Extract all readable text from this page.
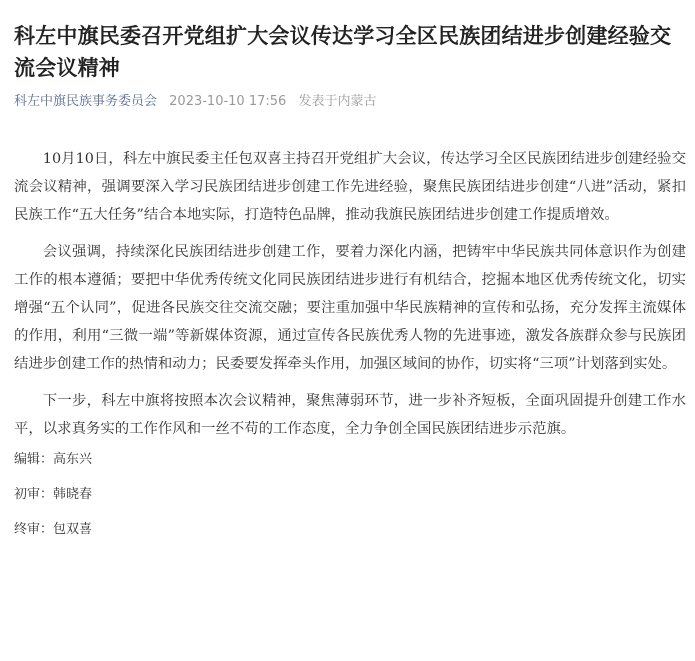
科左中旗民委召开党组扩大会议传达学习全区民族团结进步创建经验交流会议精神
科左中旗民族事务委员会 2023-10-10 17:56 发表于内蒙古

10月10日，科左中旗民委主任包双喜主持召开党组扩大会议，传达学习全区民族团结进步创建经验交流会议精神，强调要深入学习民族团结进步创建工作先进经验，聚焦民族团结进步创建“八进”活动，紧扣民族工作“五大任务”结合本地实际，打造特色品牌，推动我旗民族团结进步创建工作提质增效。

会议强调，持续深化民族团结进步创建工作，要着力深化内涵，把铸牢中华民族共同体意识作为创建工作的根本遵循；要把中华优秀传统文化同民族团结进步进行有机结合，挖掘本地区优秀传统文化，切实增强“五个认同”，促进各民族交往交流交融；要注重加强中华民族精神的宣传和弘扬，充分发挥主流媒体的作用，利用“三微一端”等新媒体资源，通过宣传各民族优秀人物的先进事迹，激发各族群众参与民族团结进步创建工作的热情和动力；民委要发挥牵头作用，加强区域间的协作，切实将“三项”计划落到实处。

下一步，科左中旗将按照本次会议精神，聚焦薄弱环节，进一步补齐短板，全面巩固提升创建工作水平，以求真务实的工作作风和一丝不苟的工作态度，全力争创全国民族团结进步示范旗。

编辑：高东兴
初审：韩晓春
终审：包双喜
